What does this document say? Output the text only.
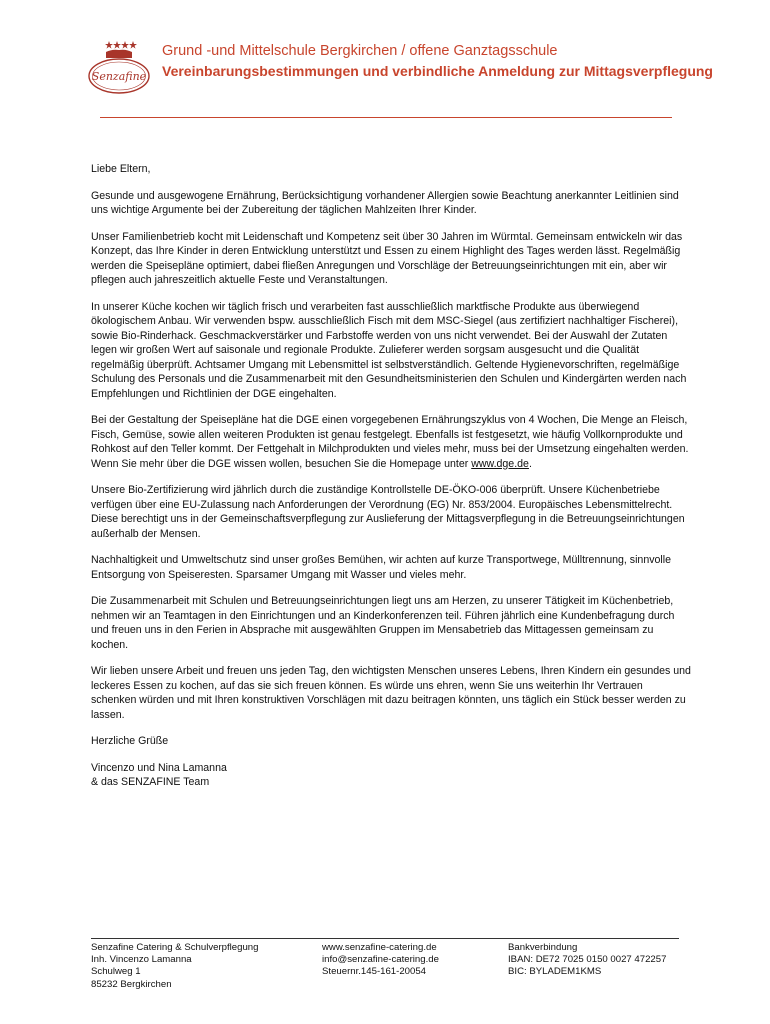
Senzafine
Grund -und Mittelschule Bergkirchen / offene Ganztagsschule
Vereinbarungsbestimmungen und verbindliche Anmeldung zur Mittagsverpflegung

Liebe Eltern,

Gesunde und ausgewogene Ernährung, Berücksichtigung vorhandener Allergien sowie Beachtung anerkannter Leitlinien sind uns wichtige Argumente bei der Zubereitung der täglichen Mahlzeiten Ihrer Kinder.

Unser Familienbetrieb kocht mit Leidenschaft und Kompetenz seit über 30 Jahren im Würmtal. Gemeinsam entwickeln wir das Konzept, das Ihre Kinder in deren Entwicklung unterstützt und Essen zu einem Highlight des Tages werden lässt. Regelmäßig werden die Speisepläne optimiert, dabei fließen Anregungen und Vorschläge der Betreuungseinrichtungen mit ein, aber wir pflegen auch jahreszeitlich aktuelle Feste und Veranstaltungen.

In unserer Küche kochen wir täglich frisch und verarbeiten fast ausschließlich marktfische Produkte aus überwiegend ökologischem Anbau. Wir verwenden bspw. ausschließlich Fisch mit dem MSC-Siegel (aus zertifiziert nachhaltiger Fischerei), sowie Bio-Rinderhack. Geschmackverstärker und Farbstoffe werden von uns nicht verwendet. Bei der Auswahl der Zutaten legen wir großen Wert auf saisonale und regionale Produkte. Zulieferer werden sorgsam ausgesucht und die Qualität regelmäßig überprüft. Achtsamer Umgang mit Lebensmittel ist selbstverständlich. Geltende Hygienevorschriften, regelmäßige Schulung des Personals und die Zusammenarbeit mit den Gesundheitsministerien den Schulen und Kindergärten werden nach Empfehlungen und Richtlinien der DGE eingehalten.

Bei der Gestaltung der Speisepläne hat die DGE einen vorgegebenen Ernährungszyklus von 4 Wochen, Die Menge an Fleisch, Fisch, Gemüse, sowie allen weiteren Produkten ist genau festgelegt. Ebenfalls ist festgesetzt, wie häufig Vollkornprodukte und Rohkost auf den Teller kommt. Der Fettgehalt in Milchprodukten und vieles mehr, muss bei der Umsetzung eingehalten werden. Wenn Sie mehr über die DGE wissen wollen, besuchen Sie die Homepage unter www.dge.de.

Unsere Bio-Zertifizierung wird jährlich durch die zuständige Kontrollstelle DE-ÖKO-006 überprüft. Unsere Küchenbetriebe verfügen über eine EU-Zulassung nach Anforderungen der Verordnung (EG) Nr. 853/2004. Europäisches Lebensmittelrecht. Diese berechtigt uns in der Gemeinschaftsverpflegung zur Auslieferung der Mittagsverpflegung in die Betreuungseinrichtungen außerhalb der Mensen.

Nachhaltigkeit und Umweltschutz sind unser großes Bemühen, wir achten auf kurze Transportwege, Mülltrennung, sinnvolle Entsorgung von Speiseresten. Sparsamer Umgang mit Wasser und vieles mehr.

Die Zusammenarbeit mit Schulen und Betreuungseinrichtungen liegt uns am Herzen, zu unserer Tätigkeit im Küchenbetrieb, nehmen wir an Teamtagen in den Einrichtungen und an Kinderkonferenzen teil. Führen jährlich eine Kundenbefragung durch und freuen uns in den Ferien in Absprache mit ausgewählten Gruppen im Mensabetrieb das Mittagessen gemeinsam zu kochen.

Wir lieben unsere Arbeit und freuen uns jeden Tag, den wichtigsten Menschen unseres Lebens, Ihren Kindern ein gesundes und leckeres Essen zu kochen, auf das sie sich freuen können. Es würde uns ehren, wenn Sie uns weiterhin Ihr Vertrauen schenken würden und mit Ihren konstruktiven Vorschlägen mit dazu beitragen könnten, uns täglich ein Stück besser werden zu lassen.

Herzliche Grüße

Vincenzo und Nina Lamanna
& das SENZAFINE Team

Senzafine Catering & Schulverpflegung
Inh. Vincenzo Lamanna
Schulweg 1
85232 Bergkirchen
www.senzafine-catering.de
info@senzafine-catering.de
Steuernr.145-161-20054
Bankverbindung
IBAN: DE72 7025 0150 0027 472257
BIC: BYLADEM1KMS
